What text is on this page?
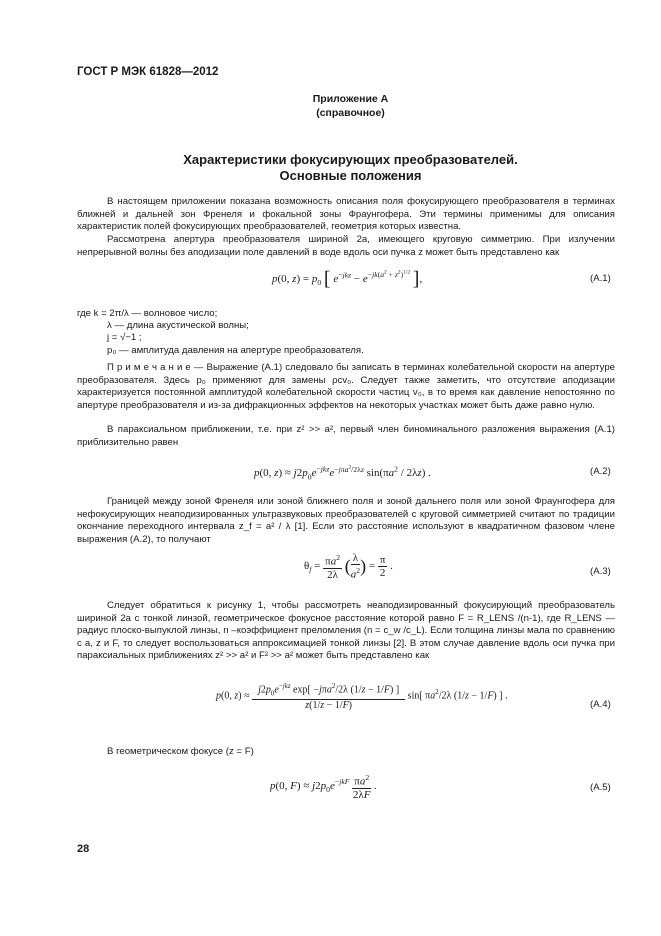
ГОСТ Р МЭК 61828—2012
Приложение А
(справочное)
Характеристики фокусирующих преобразователей.
Основные положения
В настоящем приложении показана возможность описания поля фокусирующего преобразователя в терминах ближней и дальней зон Френеля и фокальной зоны Фраунгофера. Эти термины применимы для описания характеристик полей фокусирующих преобразователей, геометрия которых известна.
Рассмотрена апертура преобразователя шириной 2a, имеющего круговую симметрию. При излучении непрерывной волны без аподизации поле давлений в воде вдоль оси пучка z может быть представлено как
p(0, $z) = p_0$ [ $e^{-jkz} - e^{-jk(a^2 + z^2)^{1/2}}$ ],	(А.1)
где k = 2π/λ — волновое число;
λ — длина акустической волны;
j = √−1 ;
p₀ — амплитуда давления на апертуре преобразователя.
П р и м е ч а н и е — Выражение (А.1) следовало бы записать в терминах колебательной скорости на апертуре преобразователя. Здесь p₀ применяют для замены ρcv₀. Следует также заметить, что отсутствие аподизации характеризуется постоянной амплитудой колебательной скорости частиц v₀, в то время как давление непостоянно по апертуре преобразователя и из-за дифракционных эффектов на некоторых участках может быть даже равно нулю.
В параксиальном приближении, т.е. при z² >> a², первый член биноминального разложения выражения (А.1) приблизительно равен
p(0, $z) \approx j2p_0e^{-jkz}e^{-j\pi a^2/2\lambda z}$ $\sin(\pi a^2 / 2\lambda z)$ .	(А.2)
Границей между зоной Френеля или зоной ближнего поля и зоной дальнего поля или зоной Фраунгофера для нефокусирующих неаподизированных ультразвуковых преобразователей с круговой симметрией считают по традиции окончание переходного интервала z_f = a² / λ [1]. Если это расстояние используют в квадратичном фазовом члене выражения (А.2), то получают
$\theta_f = \frac{\pi a^2}{2\lambda}$ ( $\frac{\lambda}{a^2}$ ) = $\frac{\pi}{2}$ .	(А.3)
Следует обратиться к рисунку 1, чтобы рассмотреть неаподизированный фокусирующий преобразователь шириной 2a с тонкой линзой, геометрическое фокусное расстояние которой равно F = R_LENS /(n-1), где R_LENS — радиус плоско-выпуклой линзы, n –коэффициент преломления (n = c_w /c_L). Если толщина линзы мала по сравнению с a, z и F, то следует воспользоваться аппроксимацией тонкой линзы [2]. В этом случае давление вдоль оси пучка при параксиальных приближениях z² >> a² и F² >> a² может быть представлено как
p(0, z) ≈
$j2p_0e^{-jkz}$ exp[ −jπa$^2$/2λ (1/z − 1/F) ]
z(1/z − 1/F)
sin[ $\pi a^2/2\lambda$ (1/z − 1/F) ] .
(А.4)
В геометрическом фокусе (z = F)
p(0, $F) \approx j2p_0e^{-jkF} \frac{\pi a^2}{2\lambda F}$ .	(А.5)
28
